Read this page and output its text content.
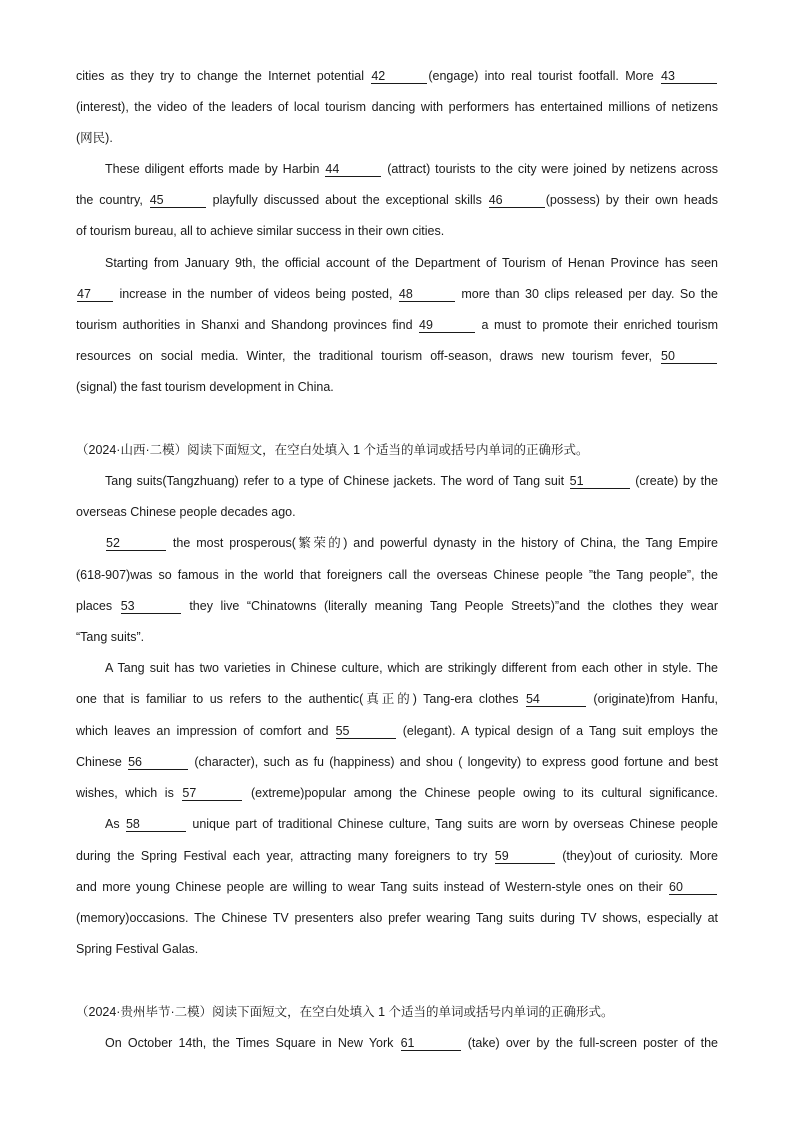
cities as they try to change the Internet potential 42	(engage) into real tourist footfall. More 43
(interest), the video of the leaders of local tourism dancing with performers has entertained millions of netizens
(网民).
These diligent efforts made by Harbin 44	(attract) tourists to the city were joined by netizens across
the country, 45	playfully discussed about the exceptional skills 46	(possess) by their own heads
of tourism bureau, all to achieve similar success in their own cities.
Starting from January 9th, the official account of the Department of Tourism of Henan Province has seen
47 increase in the number of videos being posted, 48	more than 30 clips released per day. So the
tourism authorities in Shanxi and Shandong provinces find 49	a must to promote their enriched tourism
resources on social media. Winter, the traditional tourism off-season, draws new tourism fever, 50
(signal) the fast tourism development in China.
（2024·山西·二模）阅读下面短文，在空白处填入 1 个适当的单词或括号内单词的正确形式。
Tang suits(Tangzhuang) refer to a type of Chinese jackets. The word of Tang suit 51	(create) by the
overseas Chinese people decades ago.
52	the most prosperous(繁荣的) and powerful dynasty in the history of China, the Tang Empire
(618-907)was so famous in the world that foreigners call the overseas Chinese people ”the Tang people”, the
places 53	they live “Chinatowns (literally meaning Tang People Streets)”and the clothes they wear
“Tang suits”.
A Tang suit has two varieties in Chinese culture, which are strikingly different from each other in style. The
one that is familiar to us refers to the authentic(真正的) Tang-era clothes 54	(originate)from Hanfu,
which leaves an impression of comfort and 55	(elegant). A typical design of a Tang suit employs the
Chinese 56	(character), such as fu (happiness) and shou ( longevity) to express good fortune and best
wishes, which is 57	(extreme)popular among the Chinese people owing to its cultural significance.
As 58	unique part of traditional Chinese culture, Tang suits are worn by overseas Chinese people
during the Spring Festival each year, attracting many foreigners to try 59	(they)out of curiosity. More
and more young Chinese people are willing to wear Tang suits instead of Western-style ones on their 60
(memory)occasions. The Chinese TV presenters also prefer wearing Tang suits during TV shows, especially at
Spring Festival Galas.
（2024·贵州毕节·二模）阅读下面短文，在空白处填入 1 个适当的单词或括号内单词的正确形式。
On October 14th, the Times Square in New York 61	(take) over by the full-screen poster of the
